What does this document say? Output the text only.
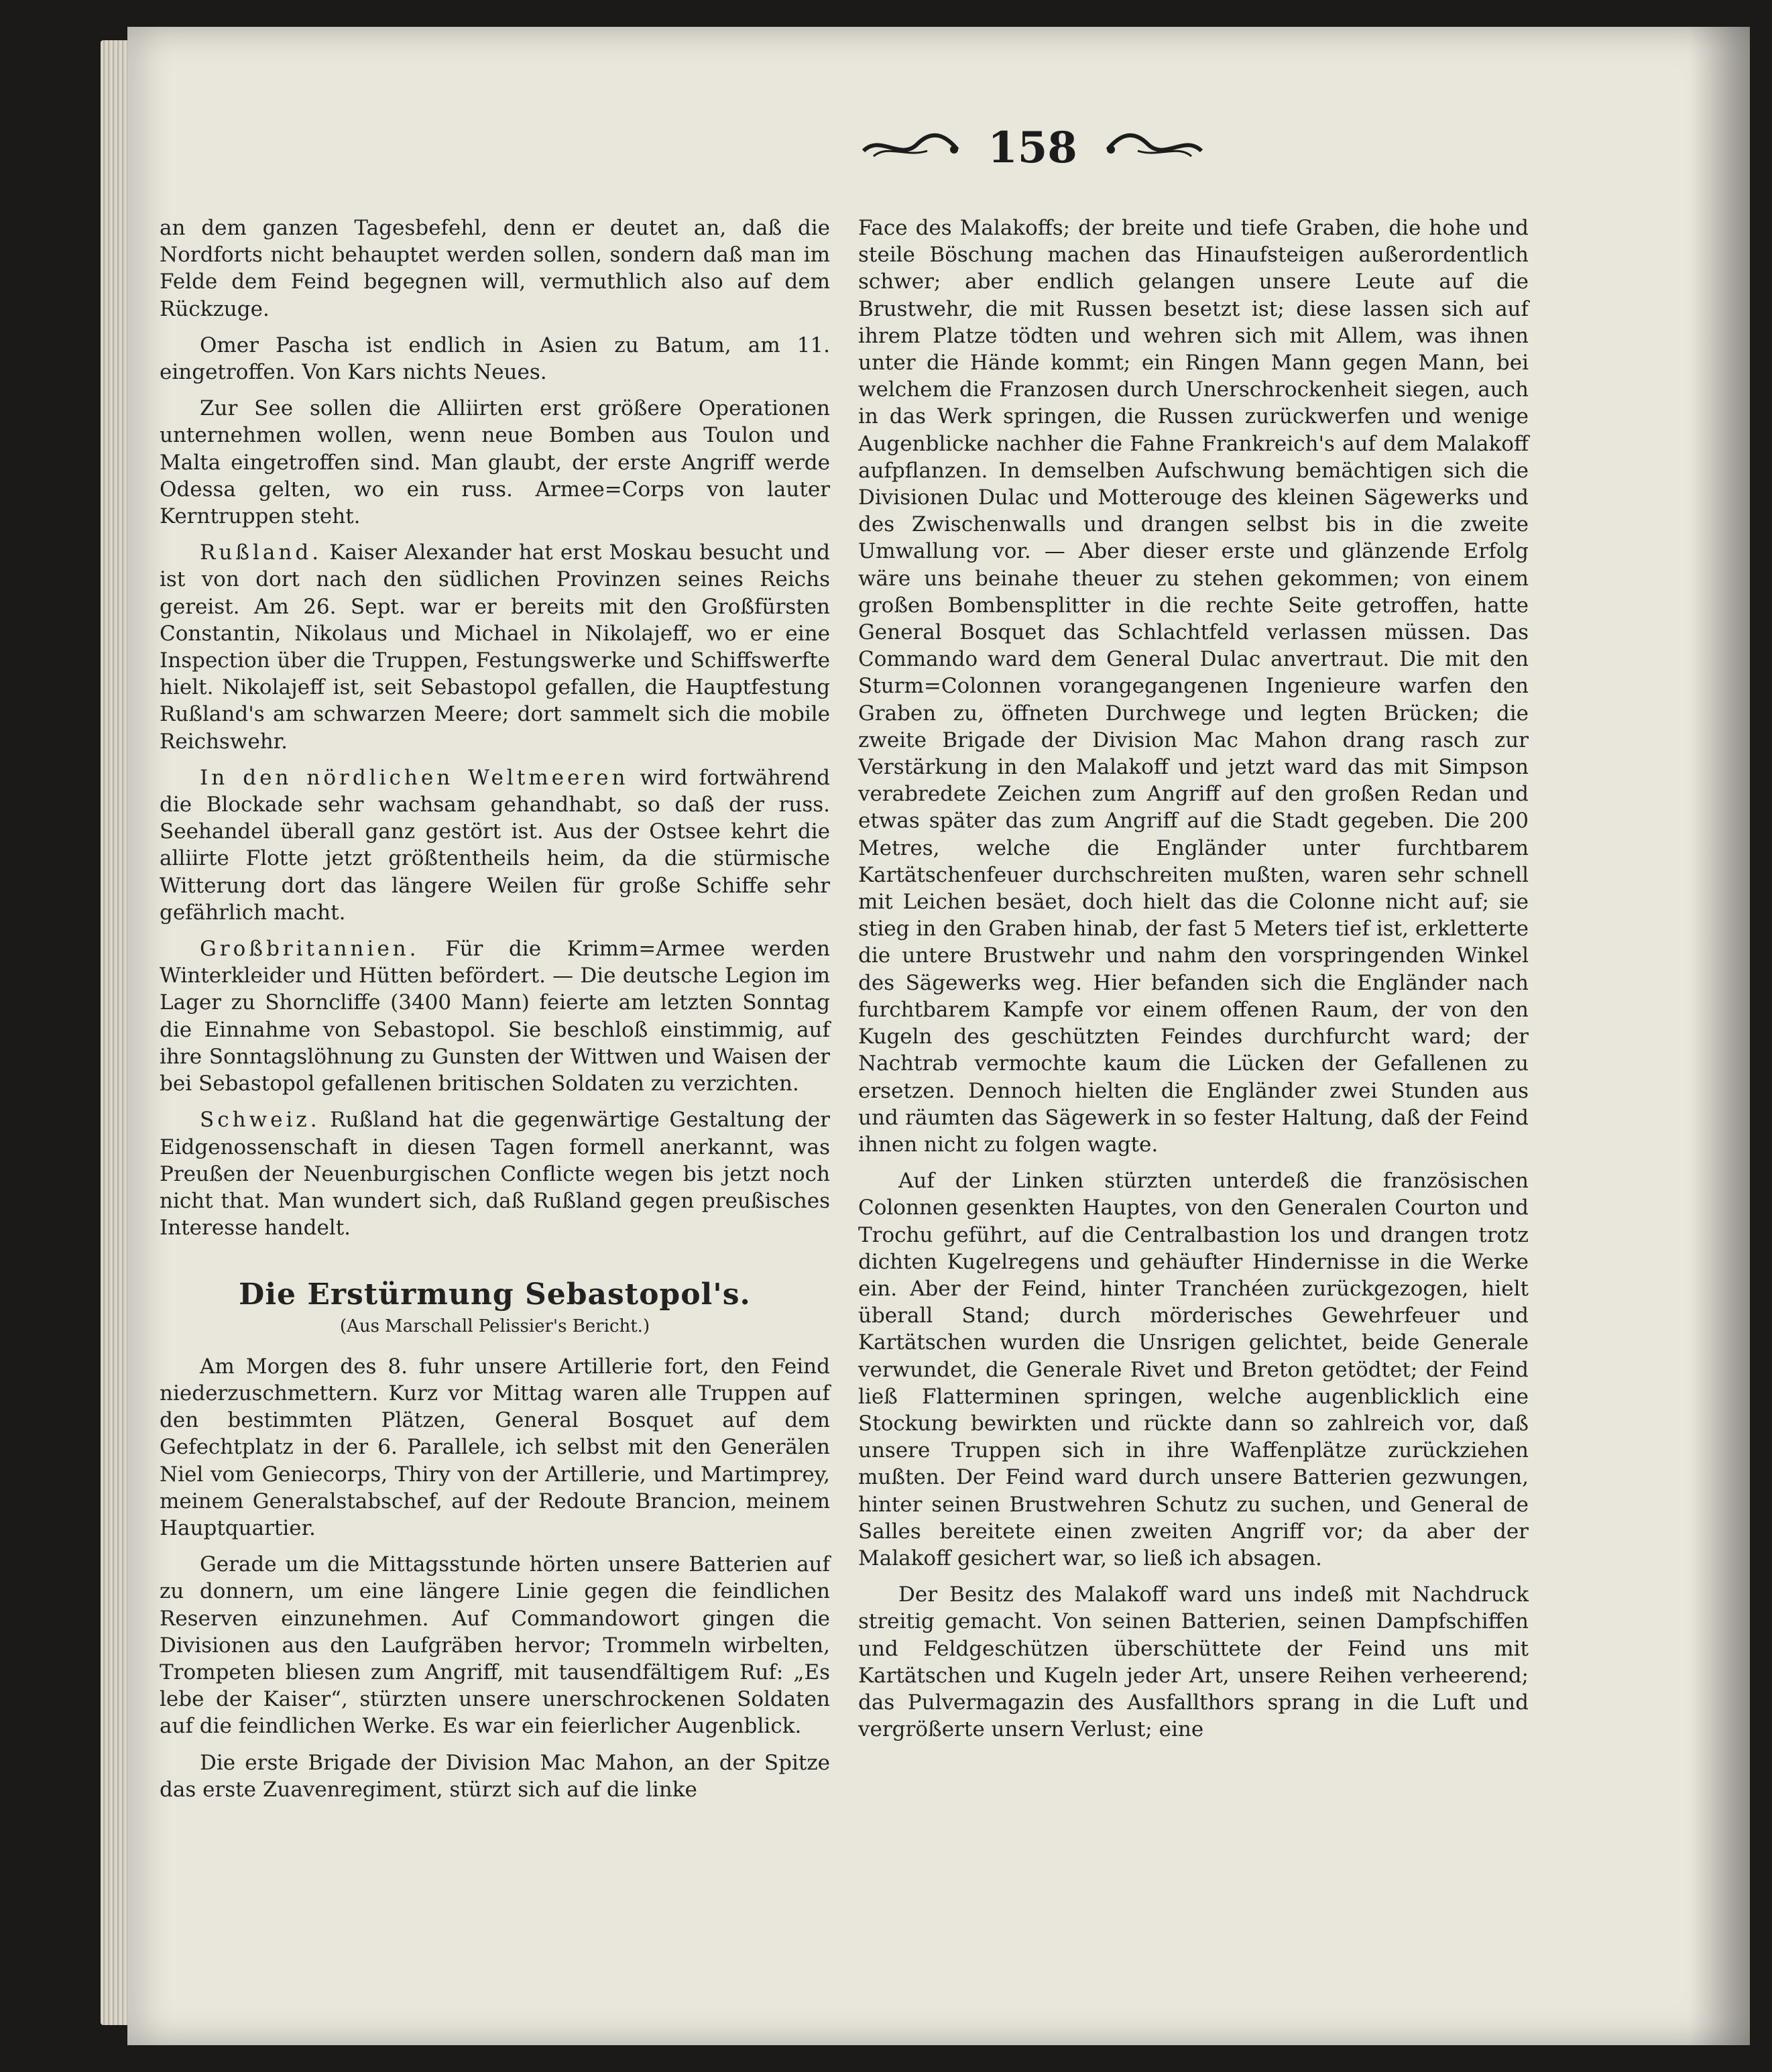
158

an dem ganzen Tagesbefehl, denn er deutet an, daß die Nordforts nicht behauptet werden sollen, sondern daß man im Felde dem Feind begegnen will, vermuthlich also auf dem Rückzuge.

Omer Pascha ist endlich in Asien zu Batum, am 11. eingetroffen. Von Kars nichts Neues.

Zur See sollen die Alliirten erst größere Operationen unternehmen wollen, wenn neue Bomben aus Toulon und Malta eingetroffen sind. Man glaubt, der erste Angriff werde Odessa gelten, wo ein russ. Armee=Corps von lauter Kerntruppen steht.

Rußland. Kaiser Alexander hat erst Moskau besucht und ist von dort nach den südlichen Provinzen seines Reichs gereist. Am 26. Sept. war er bereits mit den Großfürsten Constantin, Nikolaus und Michael in Nikolajeff, wo er eine Inspection über die Truppen, Festungswerke und Schiffswerfte hielt. Nikolajeff ist, seit Sebastopol gefallen, die Hauptfestung Rußland's am schwarzen Meere; dort sammelt sich die mobile Reichswehr.

In den nördlichen Weltmeeren wird fortwährend die Blockade sehr wachsam gehandhabt, so daß der russ. Seehandel überall ganz gestört ist. Aus der Ostsee kehrt die alliirte Flotte jetzt größtentheils heim, da die stürmische Witterung dort das längere Weilen für große Schiffe sehr gefährlich macht.

Großbritannien. Für die Krimm=Armee werden Winterkleider und Hütten befördert. — Die deutsche Legion im Lager zu Shorncliffe (3400 Mann) feierte am letzten Sonntag die Einnahme von Sebastopol. Sie beschloß einstimmig, auf ihre Sonntagslöhnung zu Gunsten der Wittwen und Waisen der bei Sebastopol gefallenen britischen Soldaten zu verzichten.

Schweiz. Rußland hat die gegenwärtige Gestaltung der Eidgenossenschaft in diesen Tagen formell anerkannt, was Preußen der Neuenburgischen Conflicte wegen bis jetzt noch nicht that. Man wundert sich, daß Rußland gegen preußisches Interesse handelt.

Die Erstürmung Sebastopol's.

(Aus Marschall Pelissier's Bericht.)

Am Morgen des 8. fuhr unsere Artillerie fort, den Feind niederzuschmettern. Kurz vor Mittag waren alle Truppen auf den bestimmten Plätzen, General Bosquet auf dem Gefechtplatz in der 6. Parallele, ich selbst mit den Generälen Niel vom Geniecorps, Thiry von der Artillerie, und Martimprey, meinem Generalstabschef, auf der Redoute Brancion, meinem Hauptquartier.

Gerade um die Mittagsstunde hörten unsere Batterien auf zu donnern, um eine längere Linie gegen die feindlichen Reserven einzunehmen. Auf Commandowort gingen die Divisionen aus den Laufgräben hervor; Trommeln wirbelten, Trompeten bliesen zum Angriff, mit tausendfältigem Ruf: „Es lebe der Kaiser“, stürzten unsere unerschrockenen Soldaten auf die feindlichen Werke. Es war ein feierlicher Augenblick.

Die erste Brigade der Division Mac Mahon, an der Spitze das erste Zuavenregiment, stürzt sich auf die linke

Face des Malakoffs; der breite und tiefe Graben, die hohe und steile Böschung machen das Hinaufsteigen außerordentlich schwer; aber endlich gelangen unsere Leute auf die Brustwehr, die mit Russen besetzt ist; diese lassen sich auf ihrem Platze tödten und wehren sich mit Allem, was ihnen unter die Hände kommt; ein Ringen Mann gegen Mann, bei welchem die Franzosen durch Unerschrockenheit siegen, auch in das Werk springen, die Russen zurückwerfen und wenige Augenblicke nachher die Fahne Frankreich's auf dem Malakoff aufpflanzen. In demselben Aufschwung bemächtigen sich die Divisionen Dulac und Motterouge des kleinen Sägewerks und des Zwischenwalls und drangen selbst bis in die zweite Umwallung vor. — Aber dieser erste und glänzende Erfolg wäre uns beinahe theuer zu stehen gekommen; von einem großen Bombensplitter in die rechte Seite getroffen, hatte General Bosquet das Schlachtfeld verlassen müssen. Das Commando ward dem General Dulac anvertraut. Die mit den Sturm=Colonnen vorangegangenen Ingenieure warfen den Graben zu, öffneten Durchwege und legten Brücken; die zweite Brigade der Division Mac Mahon drang rasch zur Verstärkung in den Malakoff und jetzt ward das mit Simpson verabredete Zeichen zum Angriff auf den großen Redan und etwas später das zum Angriff auf die Stadt gegeben. Die 200 Metres, welche die Engländer unter furchtbarem Kartätschenfeuer durchschreiten mußten, waren sehr schnell mit Leichen besäet, doch hielt das die Colonne nicht auf; sie stieg in den Graben hinab, der fast 5 Meters tief ist, erkletterte die untere Brustwehr und nahm den vorspringenden Winkel des Sägewerks weg. Hier befanden sich die Engländer nach furchtbarem Kampfe vor einem offenen Raum, der von den Kugeln des geschützten Feindes durchfurcht ward; der Nachtrab vermochte kaum die Lücken der Gefallenen zu ersetzen. Dennoch hielten die Engländer zwei Stunden aus und räumten das Sägewerk in so fester Haltung, daß der Feind ihnen nicht zu folgen wagte.

Auf der Linken stürzten unterdeß die französischen Colonnen gesenkten Hauptes, von den Generalen Courton und Trochu geführt, auf die Centralbastion los und drangen trotz dichten Kugelregens und gehäufter Hindernisse in die Werke ein. Aber der Feind, hinter Tranchéen zurückgezogen, hielt überall Stand; durch mörderisches Gewehrfeuer und Kartätschen wurden die Unsrigen gelichtet, beide Generale verwundet, die Generale Rivet und Breton getödtet; der Feind ließ Flatterminen springen, welche augenblicklich eine Stockung bewirkten und rückte dann so zahlreich vor, daß unsere Truppen sich in ihre Waffenplätze zurückziehen mußten. Der Feind ward durch unsere Batterien gezwungen, hinter seinen Brustwehren Schutz zu suchen, und General de Salles bereitete einen zweiten Angriff vor; da aber der Malakoff gesichert war, so ließ ich absagen.

Der Besitz des Malakoff ward uns indeß mit Nachdruck streitig gemacht. Von seinen Batterien, seinen Dampfschiffen und Feldgeschützen überschüttete der Feind uns mit Kartätschen und Kugeln jeder Art, unsere Reihen verheerend; das Pulvermagazin des Ausfallthors sprang in die Luft und vergrößerte unsern Verlust; eine
